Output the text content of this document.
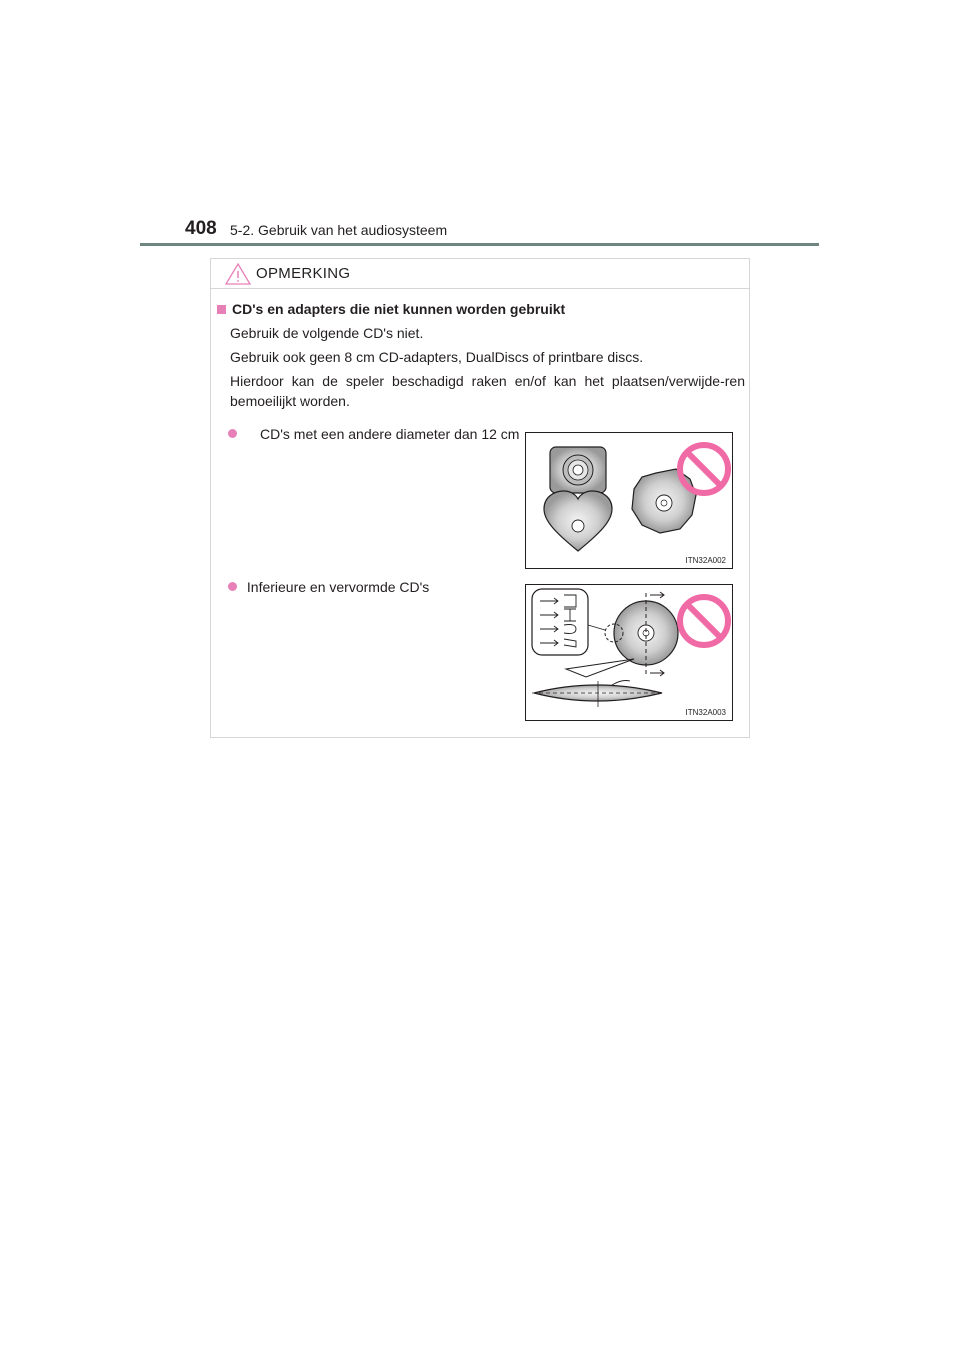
408 5-2. Gebruik van het audiosysteem
OPMERKING
CD's en adapters die niet kunnen worden gebruikt
Gebruik de volgende CD's niet.
Gebruik ook geen 8 cm CD-adapters, DualDiscs of printbare discs.
Hierdoor kan de speler beschadigd raken en/of kan het plaatsen/verwijde-ren bemoeilijkt worden.
CD's met een andere diameter dan 12 cm
Inferieure en vervormde CD's
ITN32A002
ITN32A003
